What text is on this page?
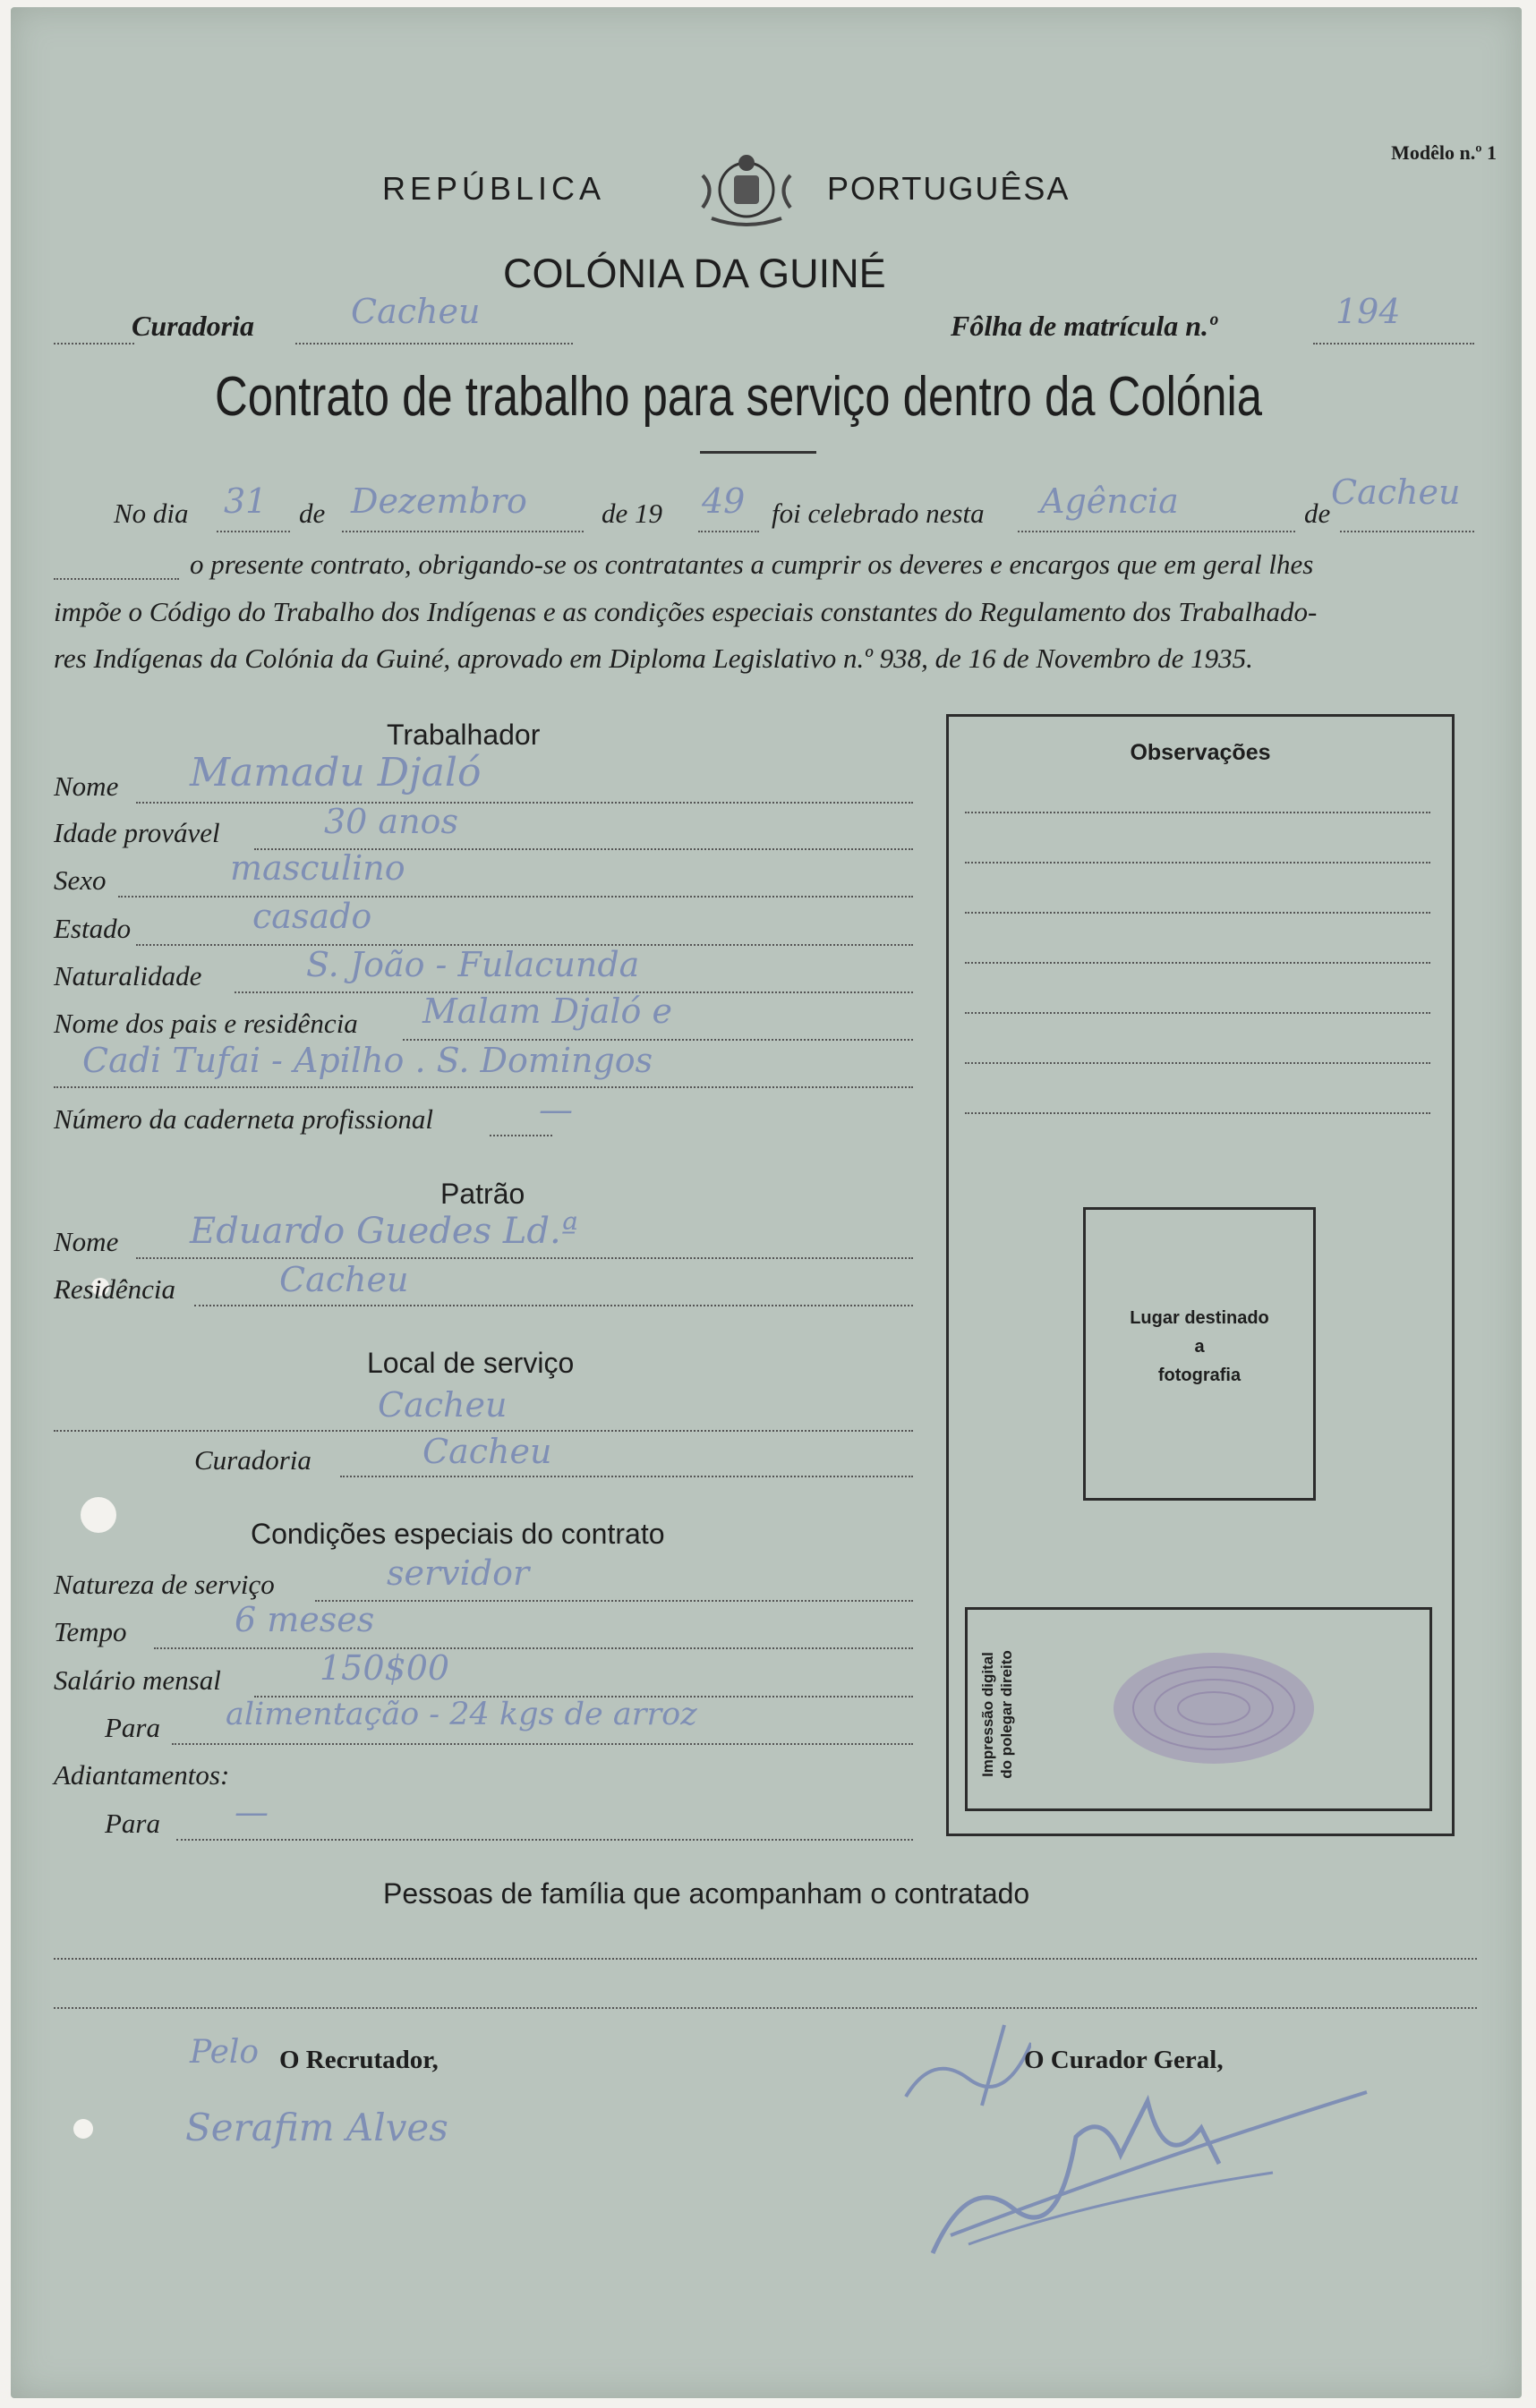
Modêlo n.º 1
REPÚBLICA	PORTUGUÊSA
COLÓNIA DA GUINÉ
Curadoria	Cacheu	Fôlha de matrícula n.º	194
Contrato de trabalho para serviço dentro da Colónia
No dia 31 de Dezembro	de 19 49 foi celebrado nesta Agência	de
Cacheu
o presente contrato, obrigando-se os contratantes a cumprir os deveres e encargos que em geral lhes
impõe o Código do Trabalho dos Indígenas e as condições especiais constantes do Regulamento dos Trabalhado-
res Indígenas da Colónia da Guiné, aprovado em Diploma Legislativo n.º 938, de 16 de Novembro de 1935.
Trabalhador
Nome Mamadu Djaló
Idade provável	30 anos
Sexo	masculino
Estado	casado
Naturalidade	S. João - Fulacunda
Nome dos pais e residência Malam Djaló e
Cadi Tufai - Apilho . S. Domingos
Número da caderneta profissional	—
Patrão
Nome Eduardo Guedes Ld.ª
Residência	Cacheu
Local de serviço
Cacheu
Curadoria	Cacheu
Condições especiais do contrato
Natureza de serviço	servidor
Tempo	6 meses
Salário mensal	150$00
Para alimentação - 24 kgs de arroz
Adiantamentos:
Para —
Observações
Lugar destinado
a
fotografia
Impressão digital do polegar direito
Pessoas de família que acompanham o contratado
Pelo O Recrutador,
Serafim Alves
O Curador Geral,
